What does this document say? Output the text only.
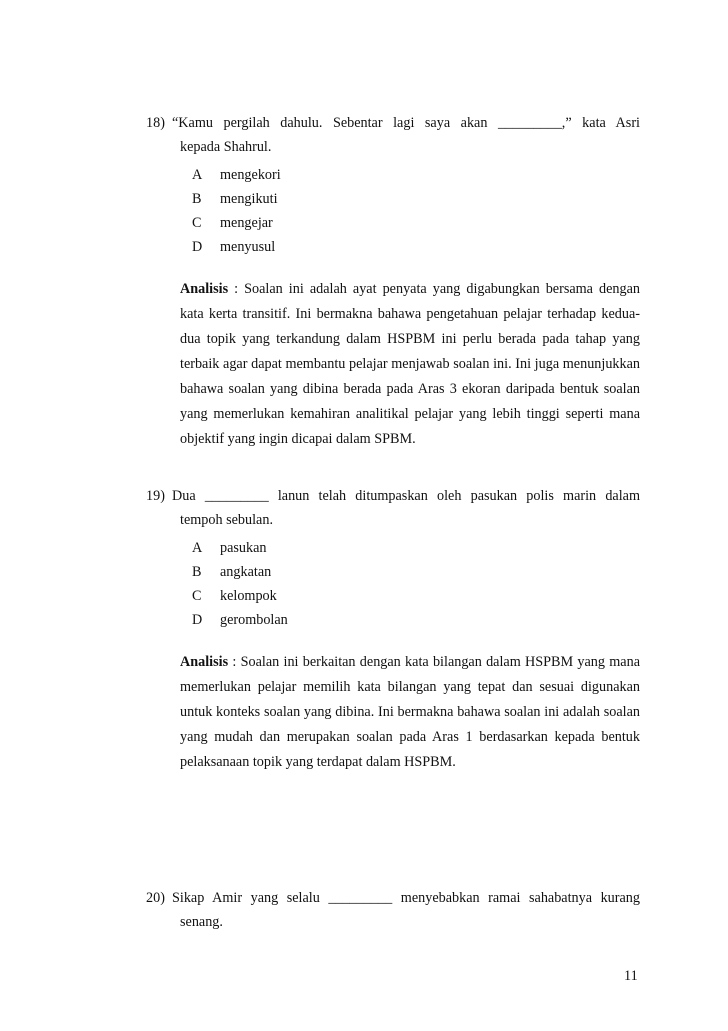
18) “Kamu pergilah dahulu. Sebentar lagi saya akan _________,” kata Asri
kepada Shahrul.
A	mengekori
B	mengikuti
C	mengejar
D	menyusul
Analisis : Soalan ini adalah ayat penyata yang digabungkan bersama dengan kata kerta transitif. Ini bermakna bahawa pengetahuan pelajar terhadap kedua-dua topik yang terkandung dalam HSPBM ini perlu berada pada tahap yang terbaik agar dapat membantu pelajar menjawab soalan ini. Ini juga menunjukkan bahawa soalan yang dibina berada pada Aras 3 ekoran daripada bentuk soalan yang memerlukan kemahiran analitikal pelajar yang lebih tinggi seperti mana objektif yang ingin dicapai dalam SPBM.
19) Dua _________ lanun telah ditumpaskan oleh pasukan polis marin dalam
tempoh sebulan.
A	pasukan
B	angkatan
C	kelompok
D	gerombolan
Analisis : Soalan ini berkaitan dengan kata bilangan dalam HSPBM yang mana memerlukan pelajar memilih kata bilangan yang tepat dan sesuai digunakan untuk konteks soalan yang dibina. Ini bermakna bahawa soalan ini adalah soalan yang mudah dan merupakan soalan pada Aras 1 berdasarkan kepada bentuk pelaksanaan topik yang terdapat dalam HSPBM.
20) Sikap Amir yang selalu _________ menyebabkan ramai sahabatnya kurang
senang.
11
